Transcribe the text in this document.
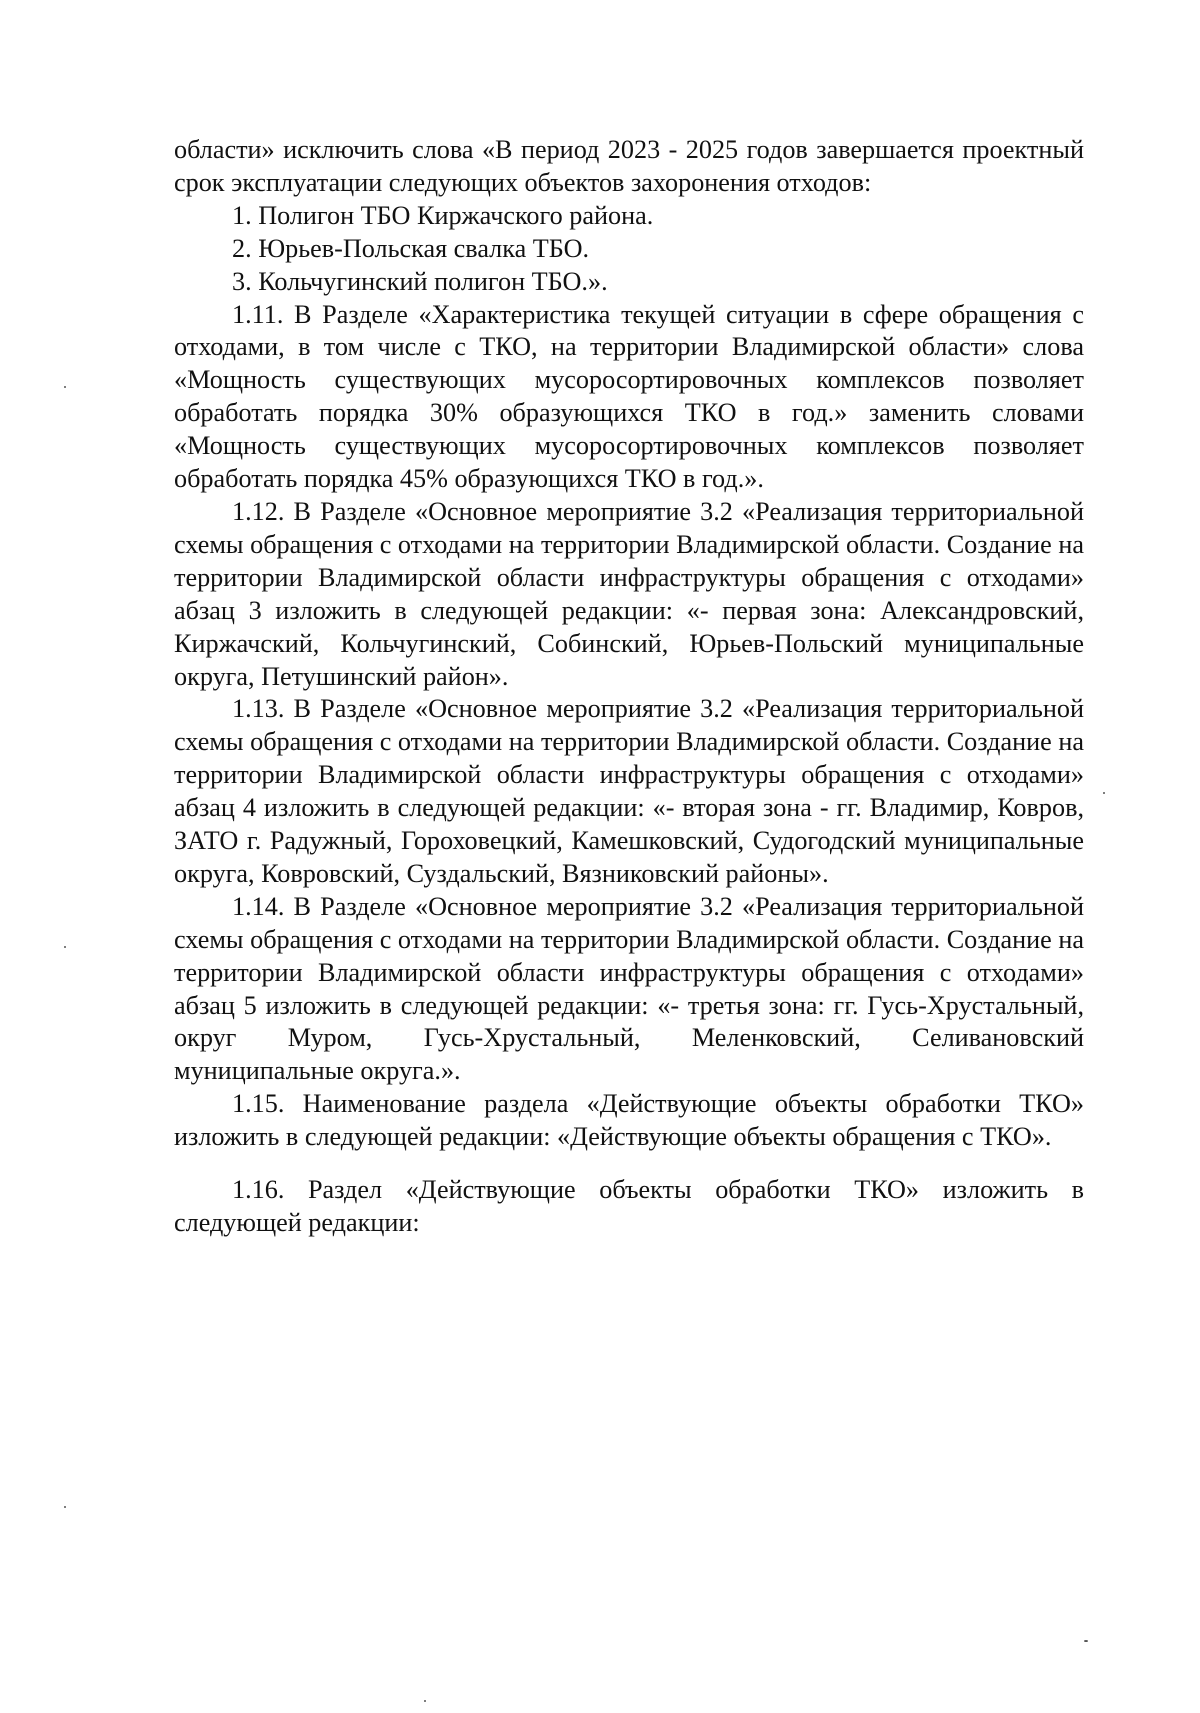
области» исключить слова «В период 2023 - 2025 годов завершается проектный срок эксплуатации следующих объектов захоронения отходов:

1. Полигон ТБО Киржачского района.

2. Юрьев-Польская свалка ТБО.

3. Кольчугинский полигон ТБО.».

1.11. В Разделе «Характеристика текущей ситуации в сфере обращения с отходами, в том числе с ТКО, на территории Владимирской области» слова «Мощность существующих мусоросортировочных комплексов позволяет обработать порядка 30% образующихся ТКО в год.» заменить словами «Мощность существующих мусоросортировочных комплексов позволяет обработать порядка 45% образующихся ТКО в год.».

1.12. В Разделе «Основное мероприятие 3.2 «Реализация территориальной схемы обращения с отходами на территории Владимирской области. Создание на территории Владимирской области инфраструктуры обращения с отходами» абзац 3 изложить в следующей редакции: «- первая зона: Александровский, Киржачский, Кольчугинский, Собинский, Юрьев-Польский муниципальные округа, Петушинский район».

1.13. В Разделе «Основное мероприятие 3.2 «Реализация территориальной схемы обращения с отходами на территории Владимирской области. Создание на территории Владимирской области инфраструктуры обращения с отходами» абзац 4 изложить в следующей редакции: «- вторая зона - гг. Владимир, Ковров, ЗАТО г. Радужный, Гороховецкий, Камешковский, Судогодский муниципальные округа, Ковровский, Суздальский, Вязниковский районы».

1.14. В Разделе «Основное мероприятие 3.2 «Реализация территориальной схемы обращения с отходами на территории Владимирской области. Создание на территории Владимирской области инфраструктуры обращения с отходами» абзац 5 изложить в следующей редакции: «- третья зона: гг. Гусь-Хрустальный, округ Муром, Гусь-Хрустальный, Меленковский, Селивановский муниципальные округа.».

1.15. Наименование раздела «Действующие объекты обработки ТКО» изложить в следующей редакции: «Действующие объекты обращения с ТКО».

1.16. Раздел «Действующие объекты обработки ТКО» изложить в следующей редакции:
